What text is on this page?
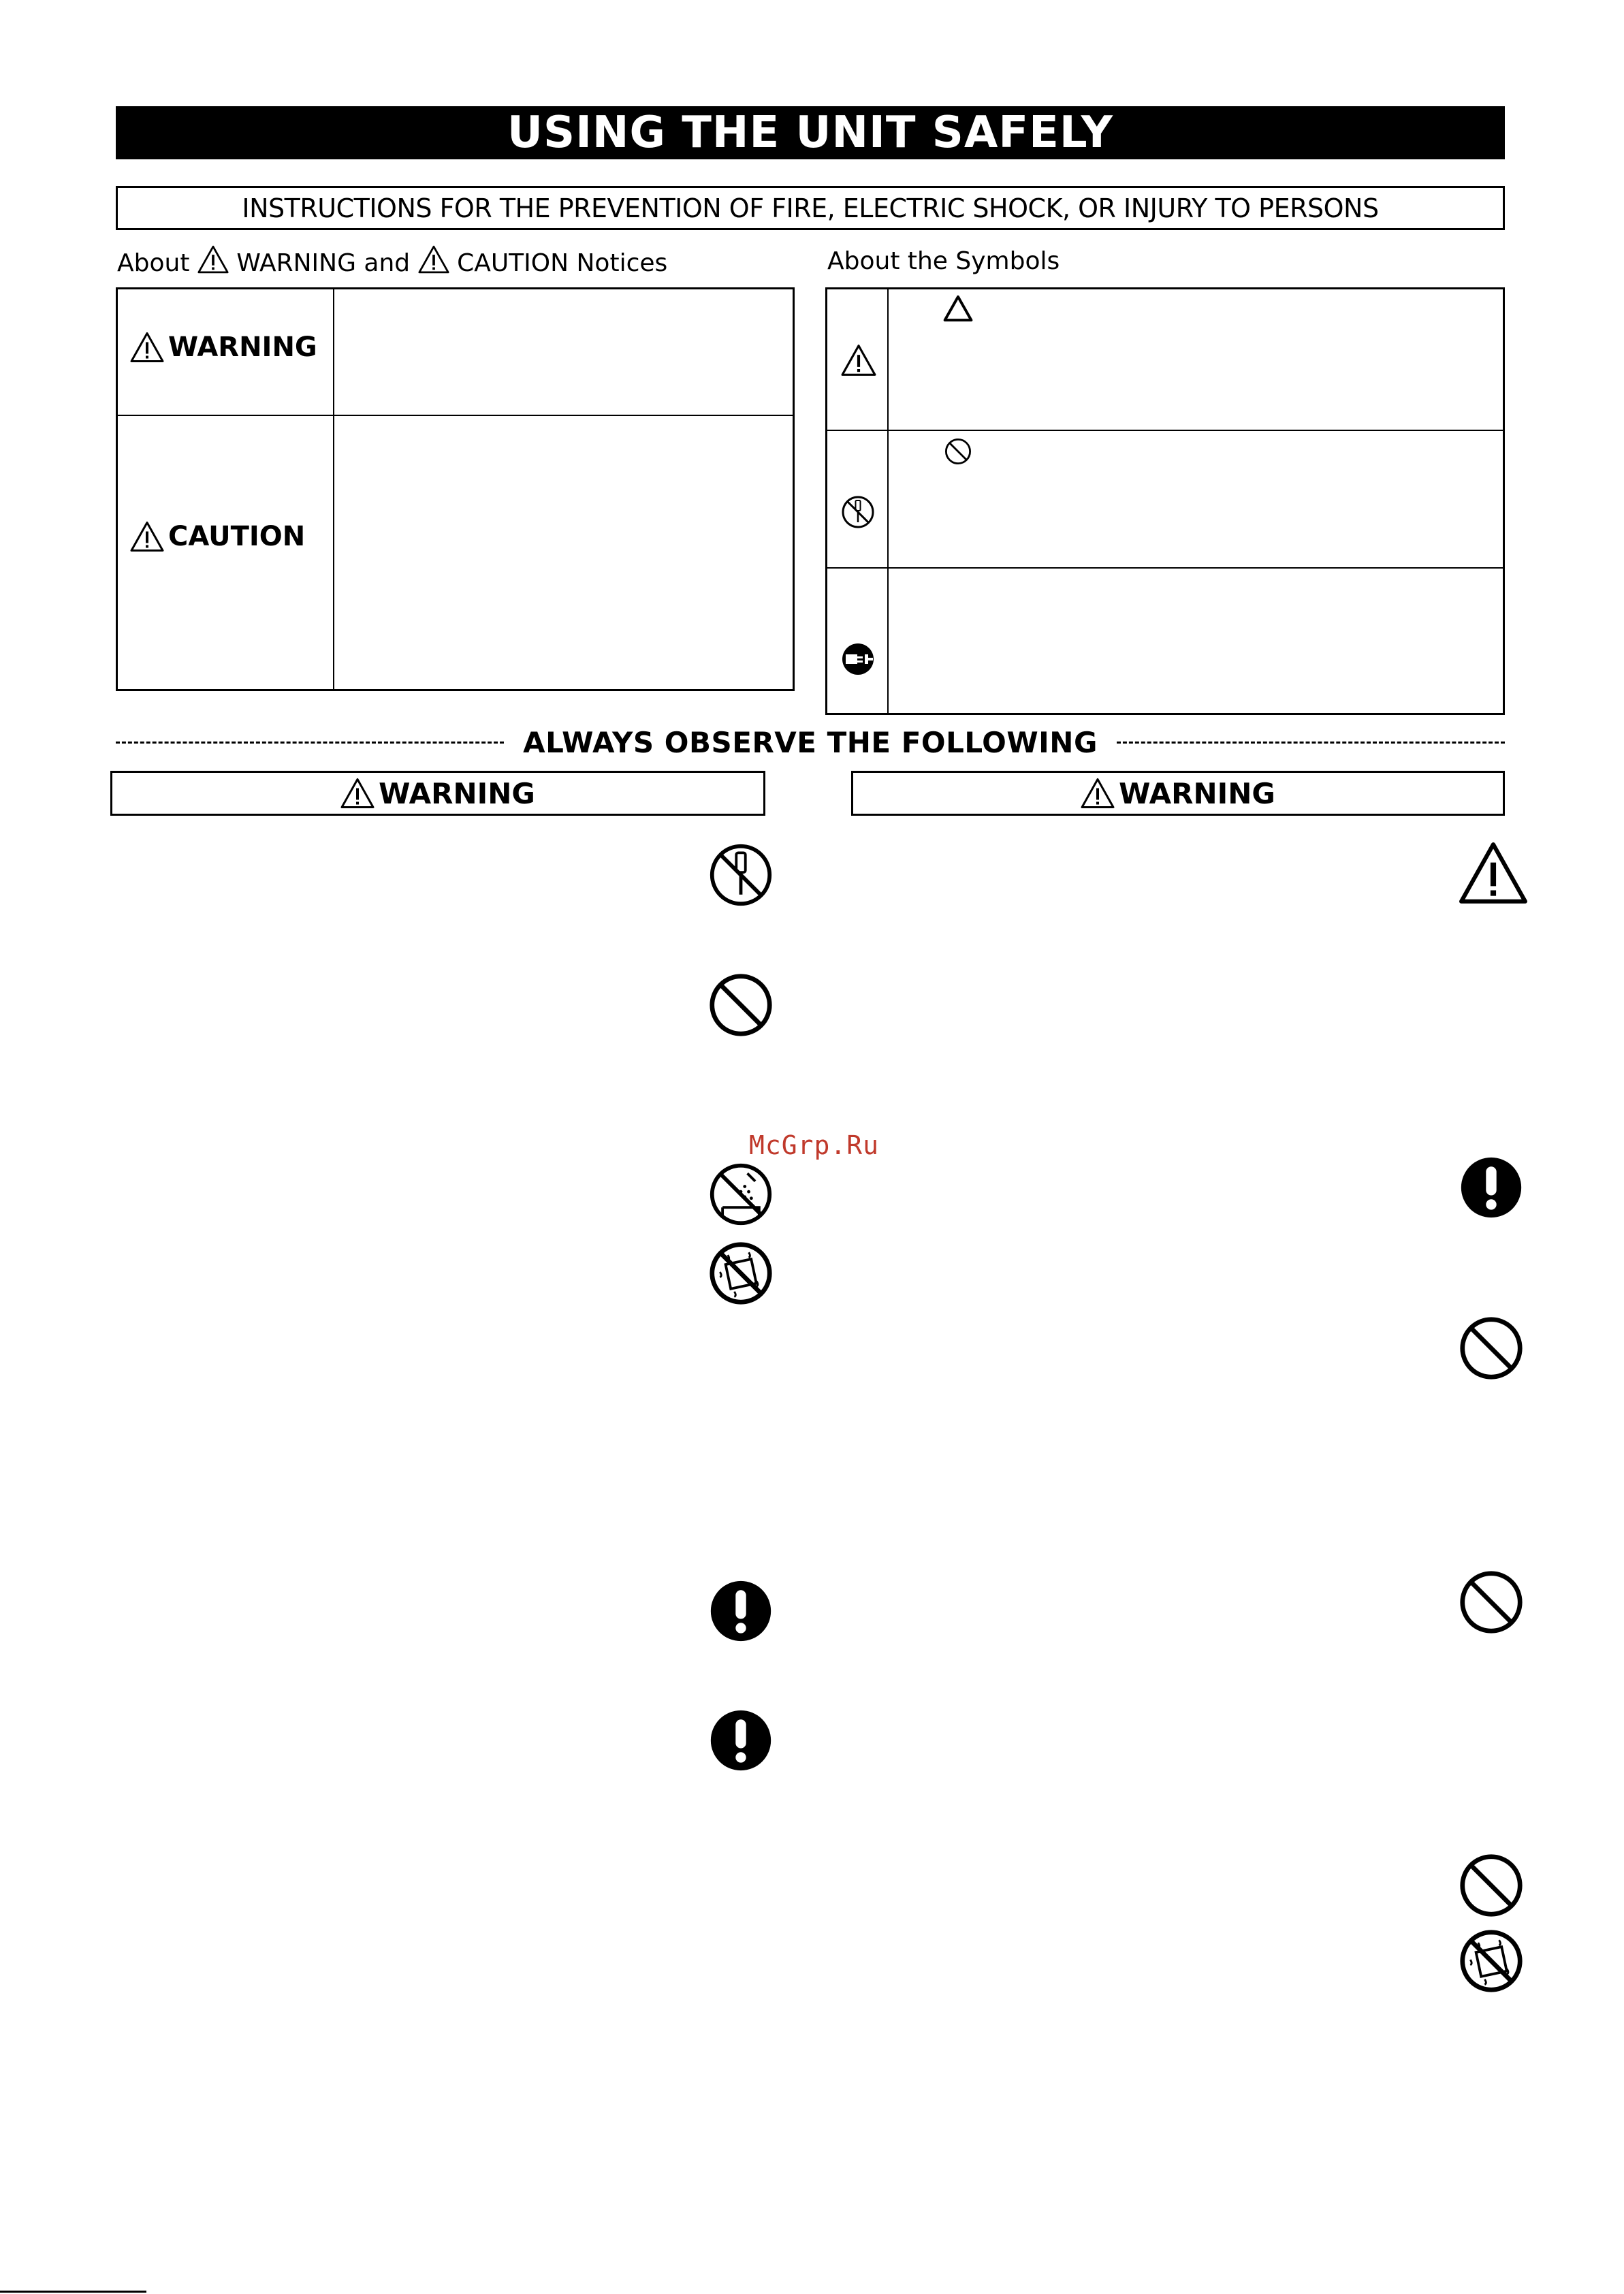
USING THE UNIT SAFELY
INSTRUCTIONS FOR THE PREVENTION OF FIRE, ELECTRIC SHOCK, OR INJURY TO PERSONS
About WARNING and CAUTION Notices	About the Symbols
WARNING
CAUTION
ALWAYS OBSERVE THE FOLLOWING
WARNING	WARNING
McGrp.Ru
